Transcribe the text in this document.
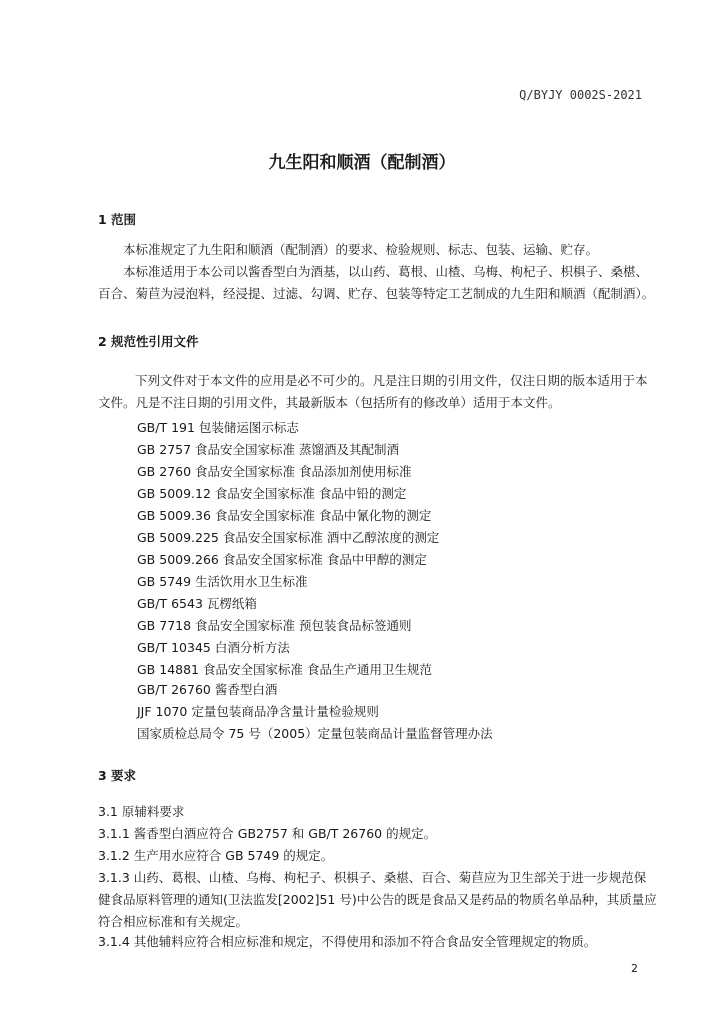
Q/BYJY 0002S-2021
九生阳和顺酒（配制酒）
1 范围
本标准规定了九生阳和顺酒（配制酒）的要求、检验规则、标志、包装、运输、贮存。
本标准适用于本公司以酱香型白为酒基，以山药、葛根、山楂、乌梅、枸杞子、枳椇子、桑椹、百合、菊苣为浸泡料，经浸提、过滤、勾调、贮存、包装等特定工艺制成的九生阳和顺酒（配制酒）。
2 规范性引用文件
下列文件对于本文件的应用是必不可少的。凡是注日期的引用文件，仅注日期的版本适用于本文件。凡是不注日期的引用文件，其最新版本（包括所有的修改单）适用于本文件。
GB/T 191 包装储运图示标志
GB 2757 食品安全国家标准 蒸馏酒及其配制酒
GB 2760 食品安全国家标准 食品添加剂使用标准
GB 5009.12 食品安全国家标准 食品中铅的测定
GB 5009.36 食品安全国家标准 食品中氰化物的测定
GB 5009.225 食品安全国家标准 酒中乙醇浓度的测定
GB 5009.266 食品安全国家标准 食品中甲醇的测定
GB 5749 生活饮用水卫生标准
GB/T 6543 瓦楞纸箱
GB 7718 食品安全国家标准 预包装食品标签通则
GB/T 10345 白酒分析方法
GB 14881 食品安全国家标准 食品生产通用卫生规范
GB/T 26760 酱香型白酒
JJF 1070 定量包装商品净含量计量检验规则
国家质检总局令 75 号（2005）定量包装商品计量监督管理办法
3 要求
3.1 原辅料要求
3.1.1 酱香型白酒应符合 GB2757 和 GB/T 26760 的规定。
3.1.2 生产用水应符合 GB 5749 的规定。
3.1.3 山药、葛根、山楂、乌梅、枸杞子、枳椇子、桑椹、百合、菊苣应为卫生部关于进一步规范保健食品原料管理的通知(卫法监发[2002]51 号)中公告的既是食品又是药品的物质名单品种，其质量应符合相应标准和有关规定。
3.1.4 其他辅料应符合相应标准和规定，不得使用和添加不符合食品安全管理规定的物质。
2
